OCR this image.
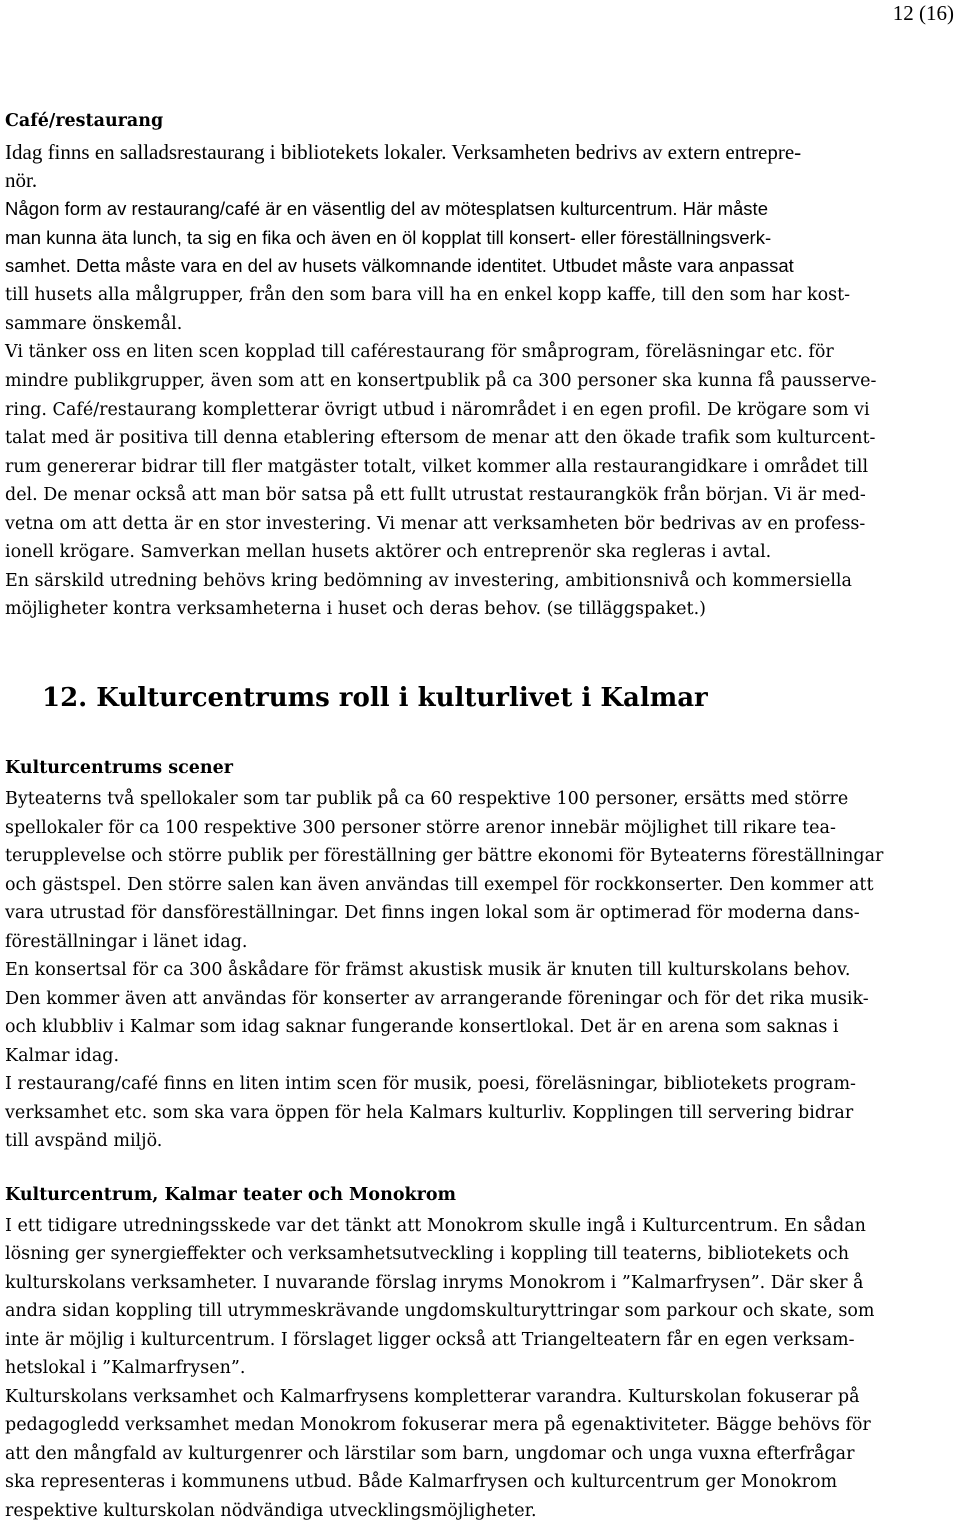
12 (16)
Café/restaurang
Idag finns en salladsrestaurang i bibliotekets lokaler. Verksamheten bedrivs av extern entrepre-
nör.
Någon form av restaurang/café är en väsentlig del av mötesplatsen kulturcentrum. Här måste
man kunna äta lunch, ta sig en fika och även en öl kopplat till konsert- eller föreställningsverk-
samhet. Detta måste vara en del av husets välkomnande identitet. Utbudet måste vara anpassat
till husets alla målgrupper, från den som bara vill ha en enkel kopp kaffe, till den som har kost-
sammare önskemål.
Vi tänker oss en liten scen kopplad till caférestaurang för småprogram, föreläsningar etc. för
mindre publikgrupper, även som att en konsertpublik på ca 300 personer ska kunna få pausserve-
ring. Café/restaurang kompletterar övrigt utbud i närområdet i en egen profil. De krögare som vi
talat med är positiva till denna etablering eftersom de menar att den ökade trafik som kulturcent-
rum genererar bidrar till fler matgäster totalt, vilket kommer alla restaurangidkare i området till
del. De menar också att man bör satsa på ett fullt utrustat restaurangkök från början. Vi är med-
vetna om att detta är en stor investering. Vi menar att verksamheten bör bedrivas av en profess-
ionell krögare. Samverkan mellan husets aktörer och entreprenör ska regleras i avtal.
En särskild utredning behövs kring bedömning av investering, ambitionsnivå och kommersiella
möjligheter kontra verksamheterna i huset och deras behov. (se tilläggspaket.)
12. Kulturcentrums roll i kulturlivet i Kalmar
Kulturcentrums scener
Byteaterns två spellokaler som tar publik på ca 60 respektive 100 personer, ersätts med större
spellokaler för ca 100 respektive 300 personer större arenor innebär möjlighet till rikare tea-
terupplevelse och större publik per föreställning ger bättre ekonomi för Byteaterns föreställningar
och gästspel. Den större salen kan även användas till exempel för rockkonserter. Den kommer att
vara utrustad för dansföreställningar. Det finns ingen lokal som är optimerad för moderna dans-
föreställningar i länet idag.
En konsertsal för ca 300 åskådare för främst akustisk musik är knuten till kulturskolans behov.
Den kommer även att användas för konserter av arrangerande föreningar och för det rika musik-
och klubbliv i Kalmar som idag saknar fungerande konsertlokal. Det är en arena som saknas i
Kalmar idag.
I restaurang/café finns en liten intim scen för musik, poesi, föreläsningar, bibliotekets program-
verksamhet etc. som ska vara öppen för hela Kalmars kulturliv. Kopplingen till servering bidrar
till avspänd miljö.
Kulturcentrum, Kalmar teater och Monokrom
I ett tidigare utredningsskede var det tänkt att Monokrom skulle ingå i Kulturcentrum. En sådan
lösning ger synergieffekter och verksamhetsutveckling i koppling till teaterns, bibliotekets och
kulturskolans verksamheter. I nuvarande förslag inryms Monokrom i ”Kalmarfrysen”. Där sker å
andra sidan koppling till utrymmeskrävande ungdomskulturyttringar som parkour och skate, som
inte är möjlig i kulturcentrum. I förslaget ligger också att Triangelteatern får en egen verksam-
hetslokal i ”Kalmarfrysen”.
Kulturskolans verksamhet och Kalmarfrysens kompletterar varandra. Kulturskolan fokuserar på
pedagogledd verksamhet medan Monokrom fokuserar mera på egenaktiviteter. Bägge behövs för
att den mångfald av kulturgenrer och lärstilar som barn, ungdomar och unga vuxna efterfrågar
ska representeras i kommunens utbud. Både Kalmarfrysen och kulturcentrum ger Monokrom
respektive kulturskolan nödvändiga utvecklingsmöjligheter.
